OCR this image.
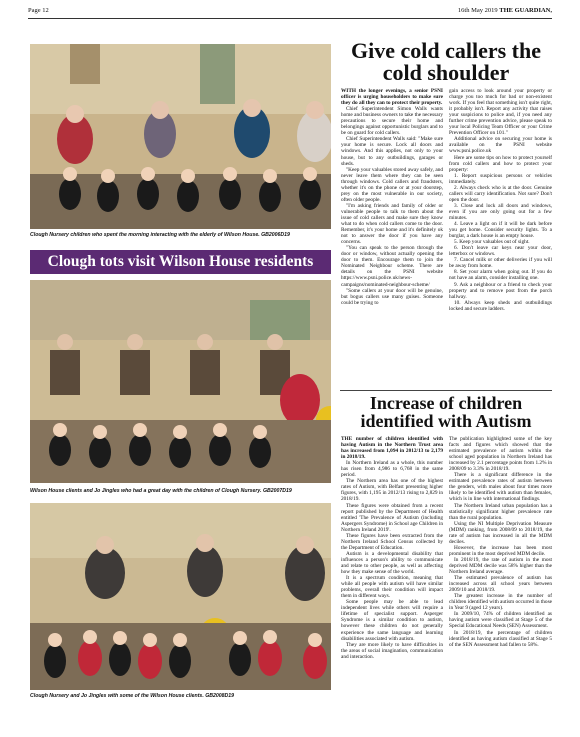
Page 12	16th May 2019 THE GUARDIAN,
Clough Nursery children who spent the morning interacting with the elderly of Wilson House. GB2006D19
Clough tots visit Wilson House residents
Wilson House clients and Jo Jingles who had a great day with the children of Clough Nursery. GB2007D19
Clough Nursery and Jo Jingles with some of the Wilson House clients. GB2008D19
Give cold callers the cold shoulder

WITH the longer evenings, a senior PSNI officer is urging householders to make sure they do all they can to protect their property.

Chief Superintendent Simon Walls wants home and business owners to take the necessary precautions to secure their home and belongings against opportunistic burglars and to be on guard for cold callers.

Chief Superintendent Walls said: "Make sure your home is secure. Lock all doors and windows. And this applies, not only to your house, but to any outbuildings, garages or sheds.

"Keep your valuables stored away safely, and never leave them where they can be seen through windows. Cold callers and fraudsters, whether it's on the phone or at your doorstep, prey on the most vulnerable in our society, often older people.

"I'm asking friends and family of older or vulnerable people to talk to them about the issue of cold callers and make sure they know what to do when cold callers come to the door. Remember, it's your home and it's definitely ok not to answer the door if you have any concerns.

"You can speak to the person through the door or window, without actually opening the door to them. Encourage them to join the Nominated Neighbour scheme. There are details on the PSNI website https://www.psni.police.uk/news-campaigns/nominated-neighbour-scheme/

"Some callers at your door will be genuine, but bogus callers use many guises. Someone could be trying to

gain access to look around your property or charge you too much for bad or non-existent work. If you feel that something isn't quite right, it probably isn't. Report any activity that raises your suspicions to police and, if you need any further crime prevention advice, please speak to your local Policing Team Officer or your Crime Prevention Officer on 101."

Additional advice on securing your home is available on the PSNI website www.psni.police.uk

Here are some tips on how to protect yourself from cold callers and how to protect your property:

1. Report suspicious persons or vehicles immediately.

2. Always check who is at the door. Genuine callers will carry identification. Not sure? Don't open the door.

3. Close and lock all doors and windows, even if you are only going out for a few minutes.

4. Leave a light on if it will be dark before you get home. Consider security lights. To a burglar, a dark house is an empty house.

5. Keep your valuables out of sight.

6. Don't leave car keys near your door, letterbox or windows.

7. Cancel milk or other deliveries if you will be away from home.

8. Set your alarm when going out. If you do not have an alarm, consider installing one.

9. Ask a neighbour or a friend to check your property and to remove post from the porch hallway.

10. Always keep sheds and outbuildings locked and secure ladders.

Increase of children identified with Autism

THE number of children identified with having Autism in the Northern Trust area has increased from 1,094 in 2012/13 to 2,179 in 2018/19.

In Northern Ireland as a whole, this number has risen from 4,986 to 6,768 in the same period.

The Northern area has one of the highest rates of Autism, with Belfast presenting higher figures, with 1,195 in 2012/13 rising to 2,829 in 2018/19.

These figures were obtained from a recent report published by the Department of Health entitled 'The Prevalence of Autism (including Aspergers Syndrome) in School age Children in Northern Ireland 2019'.

These figures have been extracted from the Northern Ireland School Census collected by the Department of Education.

Autism is a developmental disability that influences a person's ability to communicate and relate to other people, as well as affecting how they make sense of the world.

It is a spectrum condition, meaning that while all people with autism will have similar problems, overall their condition will impact them in different ways.

Some people may be able to lead independent lives while others will require a lifetime of specialist support. Asperger Syndrome is a similar condition to autism, however these children do not generally experience the same language and learning disabilities associated with autism.

They are more likely to have difficulties in the areas of social imagination, communication and interaction.

The publication highlighted some of the key facts and figures which showed that the estimated prevalence of autism within the school aged population in Northern Ireland has increased by 2.1 percentage points from 1.2% in 2008/09 to 3.3% in 2018/19.

There is a significant difference in the estimated prevalence rates of autism between the genders, with males about four times more likely to be identified with autism than females, which is in line with international findings.

The Northern Ireland urban population has a statistically significant higher prevalence rate than the rural population.

Using the NI Multiple Deprivation Measure (MDM) ranking, from 2008/09 to 2018/19, the rate of autism has increased in all the MDM deciles.

However, the increase has been most prominent in the most deprived MDM decile.

In 2018/19, the rate of autism in the most deprived MDM decile was 58% higher than the Northern Ireland average.

The estimated prevalence of autism has increased across all school years between 2009/10 and 2018/19.

The greatest increase in the number of children identified with autism occurred in those in Year 9 (aged 12 years).

In 2009/10, 74% of children identified as having autism were classified at Stage 5 of the Special Educational Needs (SEN) Assessment.

In 2018/19, the percentage of children identified as having autism classified at Stage 5 of the SEN Assessment had fallen to 58%.
